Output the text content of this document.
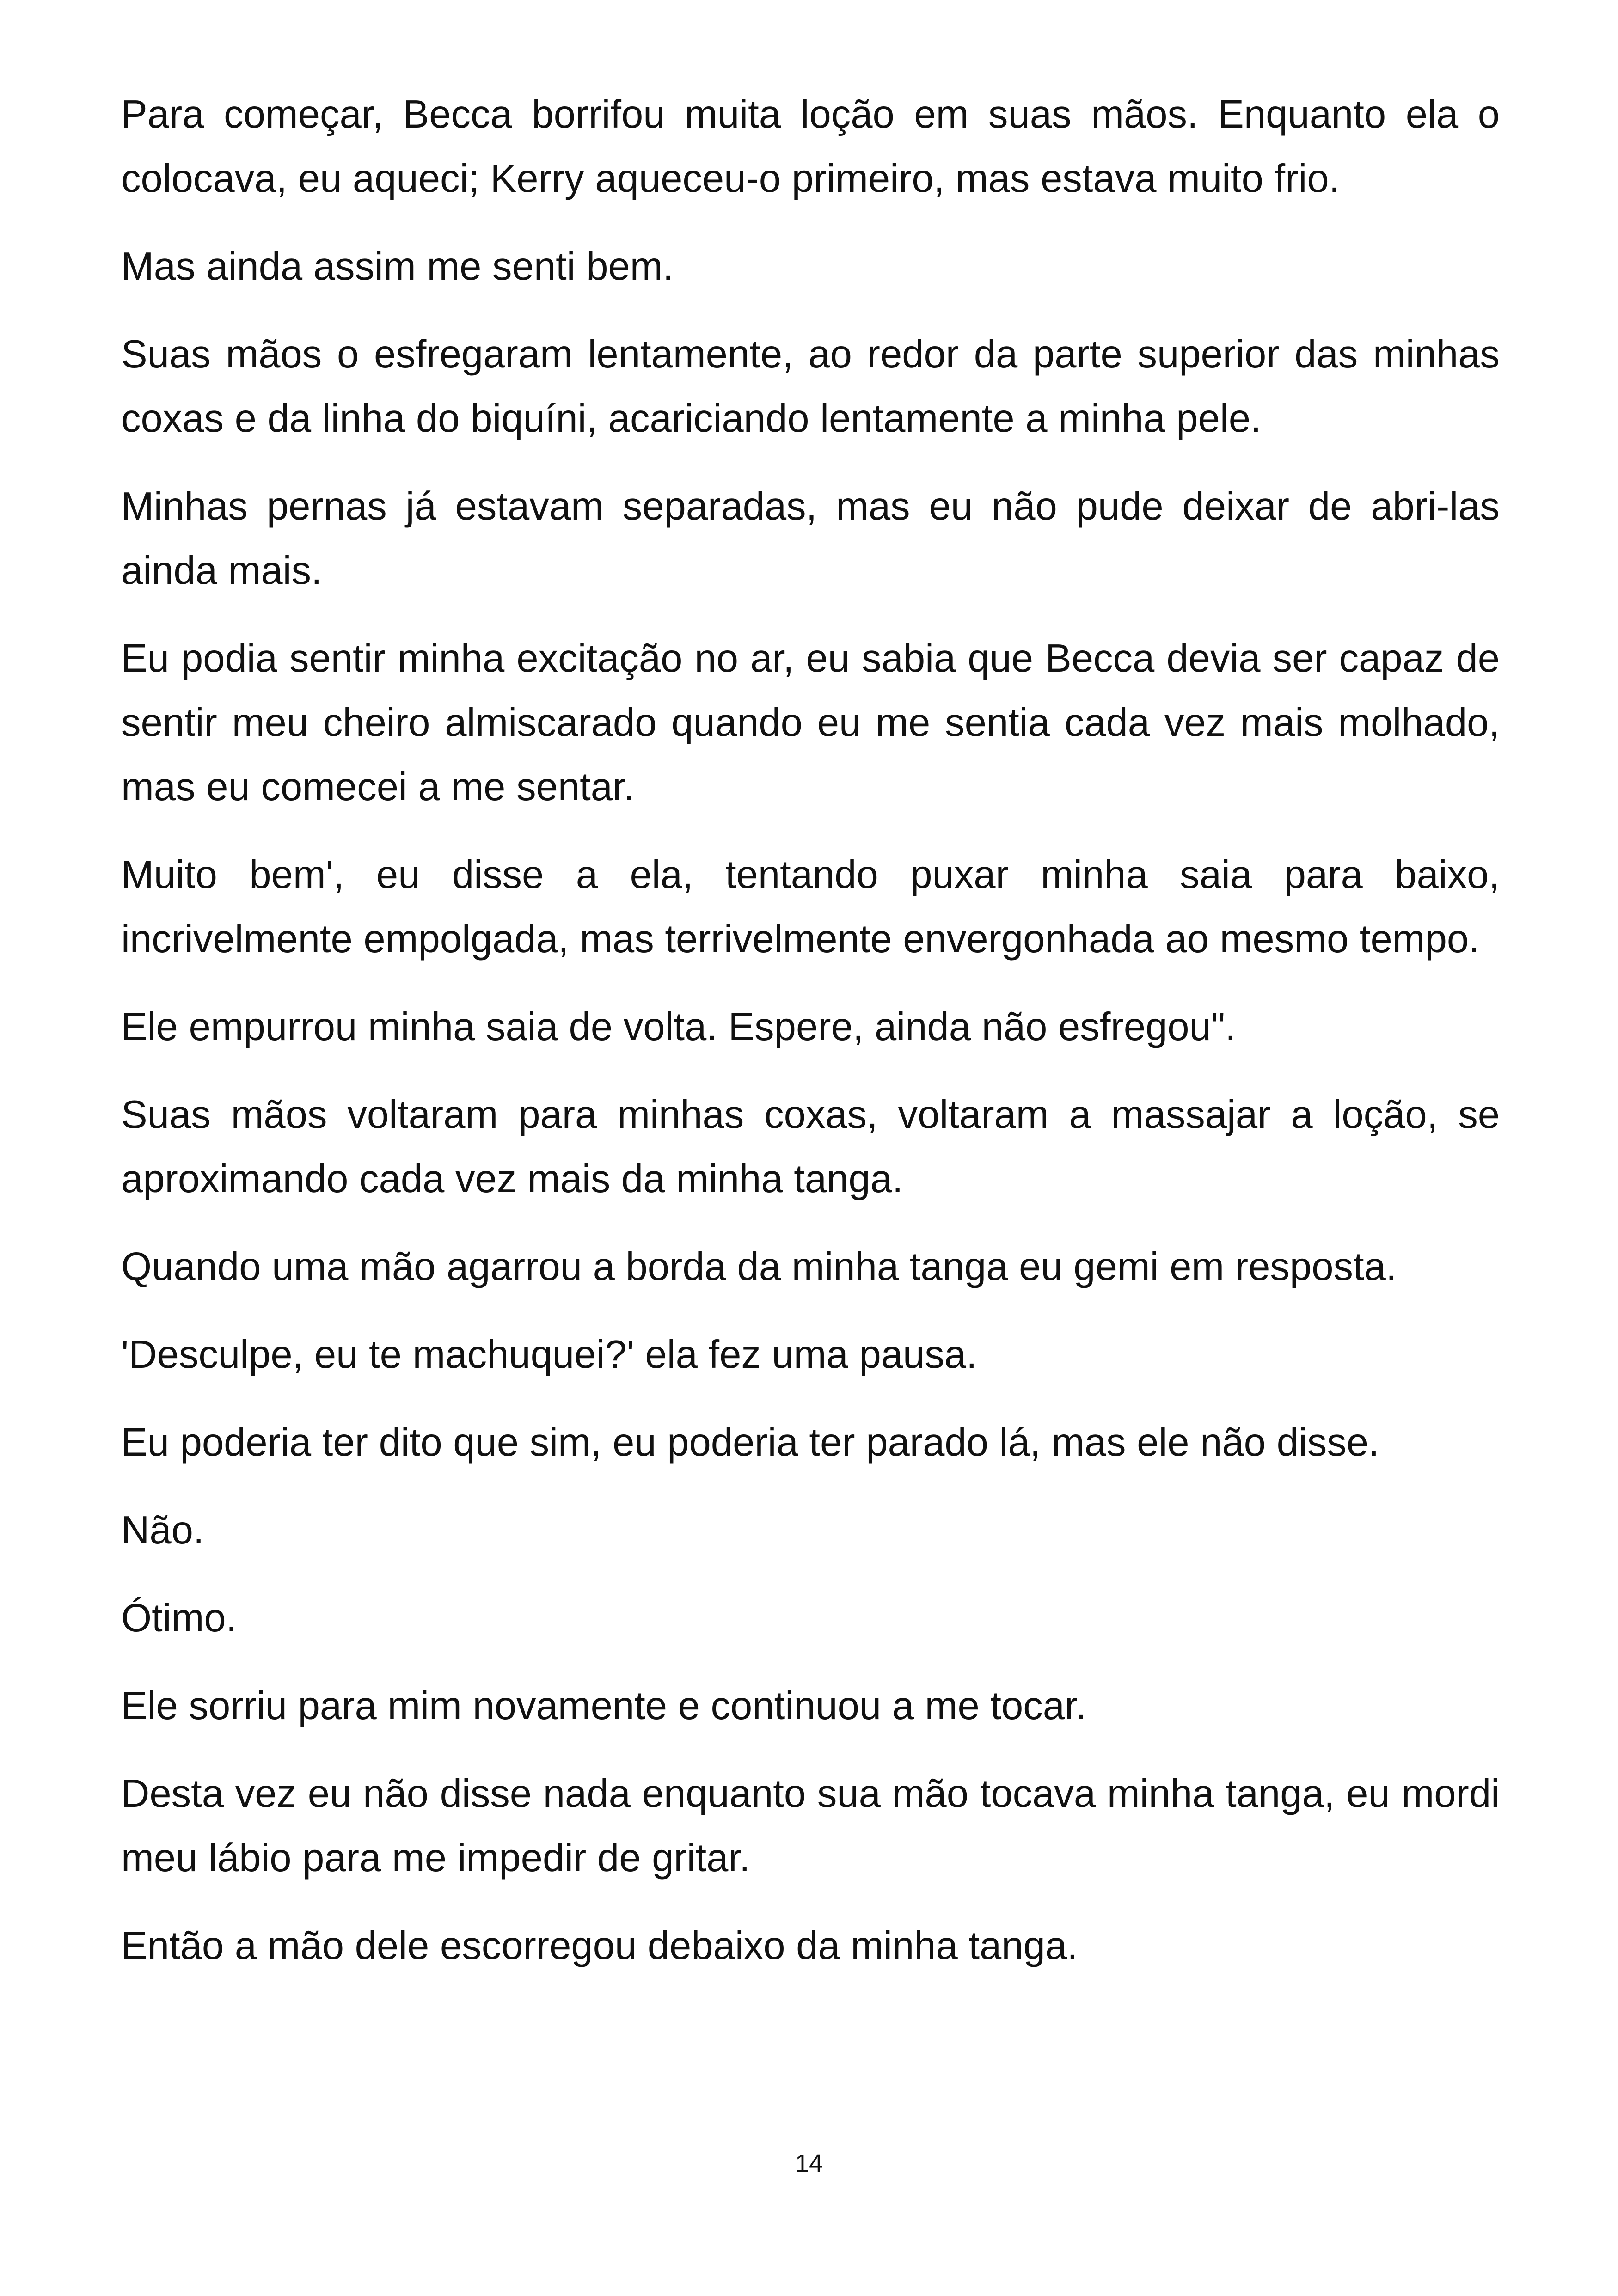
Para começar, Becca borrifou muita loção em suas mãos. Enquanto ela o colocava, eu aqueci; Kerry aqueceu-o primeiro, mas estava muito frio.

Mas ainda assim me senti bem.

Suas mãos o esfregaram lentamente, ao redor da parte superior das minhas coxas e da linha do biquíni, acariciando lentamente a minha pele.

Minhas pernas já estavam separadas, mas eu não pude deixar de abri-las ainda mais.

Eu podia sentir minha excitação no ar, eu sabia que Becca devia ser capaz de sentir meu cheiro almiscarado quando eu me sentia cada vez mais molhado, mas eu comecei a me sentar.

Muito bem', eu disse a ela, tentando puxar minha saia para baixo, incrivelmente empolgada, mas terrivelmente envergonhada ao mesmo tempo.

Ele empurrou minha saia de volta. Espere, ainda não esfregou".

Suas mãos voltaram para minhas coxas, voltaram a massajar a loção, se aproximando cada vez mais da minha tanga.

Quando uma mão agarrou a borda da minha tanga eu gemi em resposta.

'Desculpe, eu te machuquei?' ela fez uma pausa.

Eu poderia ter dito que sim, eu poderia ter parado lá, mas ele não disse.

Não.

Ótimo.

Ele sorriu para mim novamente e continuou a me tocar.

Desta vez eu não disse nada enquanto sua mão tocava minha tanga, eu mordi meu lábio para me impedir de gritar.

Então a mão dele escorregou debaixo da minha tanga.

14
